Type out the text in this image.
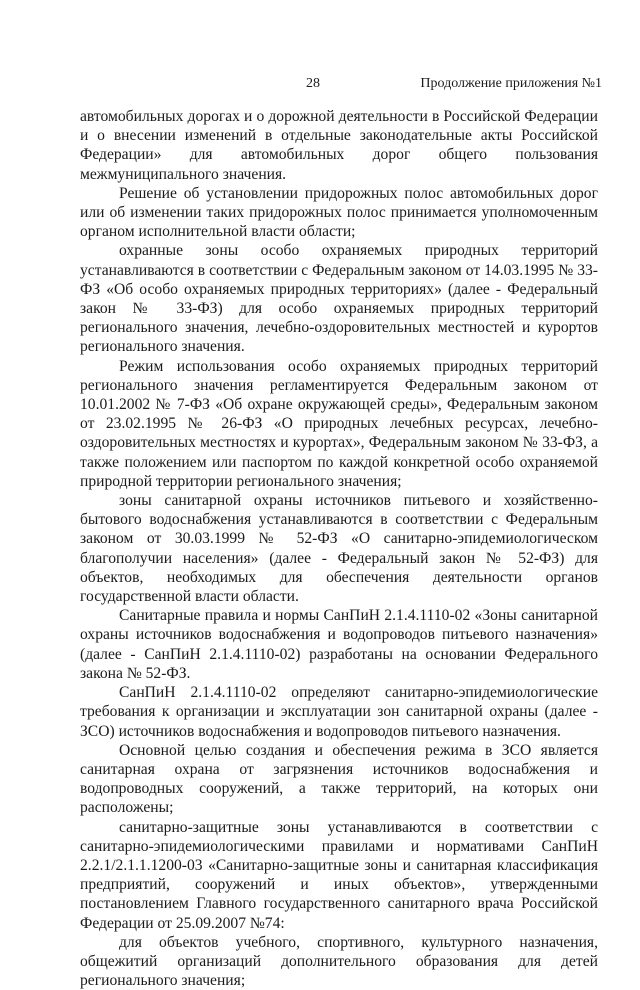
28	Продолжение приложения №1

автомобильных дорогах и о дорожной деятельности в Российской Федерации и о внесении изменений в отдельные законодательные акты Российской Федерации» для автомобильных дорог общего пользования межмуниципального значения.

Решение об установлении придорожных полос автомобильных дорог или об изменении таких придорожных полос принимается уполномоченным органом исполнительной власти области;

охранные зоны особо охраняемых природных территорий устанавливаются в соответствии с Федеральным законом от 14.03.1995 № 33-ФЗ «Об особо охраняемых природных территориях» (далее - Федеральный закон № 33-ФЗ) для особо охраняемых природных территорий регионального значения, лечебно-оздоровительных местностей и курортов регионального значения.

Режим использования особо охраняемых природных территорий регионального значения регламентируется Федеральным законом от 10.01.2002 № 7-ФЗ «Об охране окружающей среды», Федеральным законом от 23.02.1995 № 26-ФЗ «О природных лечебных ресурсах, лечебно-оздоровительных местностях и курортах», Федеральным законом № 33-ФЗ, а также положением или паспортом по каждой конкретной особо охраняемой природной территории регионального значения;

зоны санитарной охраны источников питьевого и хозяйственно-бытового водоснабжения устанавливаются в соответствии с Федеральным законом от 30.03.1999 № 52-ФЗ «О санитарно-эпидемиологическом благополучии населения» (далее - Федеральный закон № 52-ФЗ) для объектов, необходимых для обеспечения деятельности органов государственной власти области.

Санитарные правила и нормы СанПиН 2.1.4.1110-02 «Зоны санитарной охраны источников водоснабжения и водопроводов питьевого назначения» (далее - СанПиН 2.1.4.1110-02) разработаны на основании Федерального закона № 52-ФЗ.

СанПиН 2.1.4.1110-02 определяют санитарно-эпидемиологические требования к организации и эксплуатации зон санитарной охраны (далее - ЗСО) источников водоснабжения и водопроводов питьевого назначения.

Основной целью создания и обеспечения режима в ЗСО является санитарная охрана от загрязнения источников водоснабжения и водопроводных сооружений, а также территорий, на которых они расположены;

санитарно-защитные зоны устанавливаются в соответствии с санитарно-эпидемиологическими правилами и нормативами СанПиН 2.2.1/2.1.1.1200-03 «Санитарно-защитные зоны и санитарная классификация предприятий, сооружений и иных объектов», утвержденными постановлением Главного государственного санитарного врача Российской Федерации от 25.09.2007 №74:

для объектов учебного, спортивного, культурного назначения, общежитий организаций дополнительного образования для детей регионального значения;
